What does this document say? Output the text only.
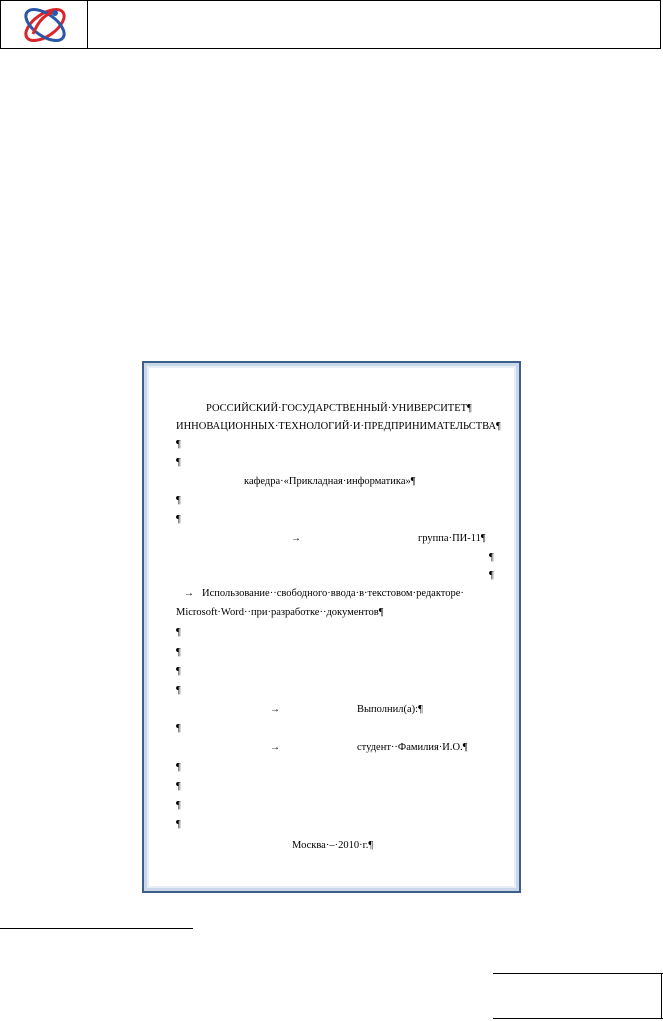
РОССИЙСКИЙ·ГОСУДАРСТВЕННЫЙ·УНИВЕРСИТЕТ¶
ИННОВАЦИОННЫХ·ТЕХНОЛОГИЙ·И·ПРЕДПРИНИМАТЕЛЬСТВА¶
¶
¶
кафедра·«Прикладная·информатика»¶
¶
¶
→	группа·ПИ-11¶
¶
¶
→ Использование··свободного·ввода·в·текстовом·редакторе·
Microsoft·Word··при·разработке··документов¶
¶
¶
¶
¶
→	Выполнил(а):¶
¶
→	студент··Фамилия·И.О.¶
¶
¶
¶
¶
Москва·–·2010·г.¶
